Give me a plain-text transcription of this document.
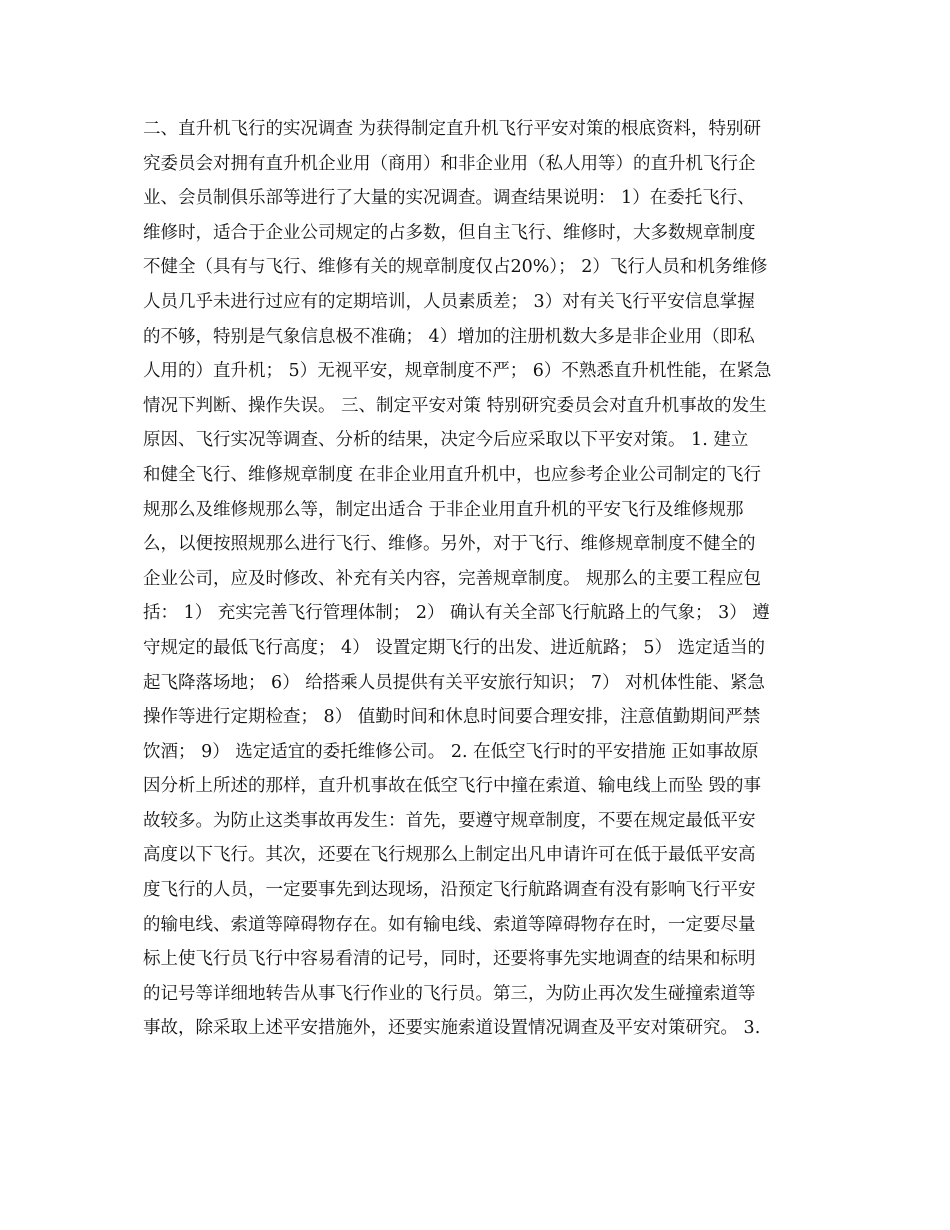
二、直升机飞行的实况调查 为获得制定直升机飞行平安对策的根底资料，特别研
究委员会对拥有直升机企业用（商用）和非企业用（私人用等）的直升机飞行企
业、会员制俱乐部等进行了大量的实况调查。调查结果说明： 1）在委托飞行、
维修时，适合于企业公司规定的占多数，但自主飞行、维修时，大多数规章制度
不健全（具有与飞行、维修有关的规章制度仅占20%）； 2）飞行人员和机务维修
人员几乎未进行过应有的定期培训，人员素质差； 3）对有关飞行平安信息掌握
的不够，特别是气象信息极不准确； 4）增加的注册机数大多是非企业用（即私
人用的）直升机； 5）无视平安，规章制度不严； 6）不熟悉直升机性能，在紧急
情况下判断、操作失误。 三、制定平安对策 特别研究委员会对直升机事故的发生
原因、飞行实况等调查、分析的结果，决定今后应采取以下平安对策。 1. 建立
和健全飞行、维修规章制度 在非企业用直升机中，也应参考企业公司制定的飞行
规那么及维修规那么等，制定出适合 于非企业用直升机的平安飞行及维修规那
么，以便按照规那么进行飞行、维修。另外，对于飞行、维修规章制度不健全的
企业公司，应及时修改、补充有关内容，完善规章制度。 规那么的主要工程应包
括： 1） 充实完善飞行管理体制； 2） 确认有关全部飞行航路上的气象； 3） 遵
守规定的最低飞行高度； 4） 设置定期飞行的出发、进近航路； 5） 选定适当的
起飞降落场地； 6） 给搭乘人员提供有关平安旅行知识； 7） 对机体性能、紧急
操作等进行定期检查； 8） 值勤时间和休息时间要合理安排，注意值勤期间严禁
饮酒； 9） 选定适宜的委托维修公司。 2. 在低空飞行时的平安措施 正如事故原
因分析上所述的那样，直升机事故在低空飞行中撞在索道、输电线上而坠 毁的事
故较多。为防止这类事故再发生：首先，要遵守规章制度，不要在规定最低平安
高度以下飞行。其次，还要在飞行规那么上制定出凡申请许可在低于最低平安高
度飞行的人员，一定要事先到达现场，沿预定飞行航路调查有没有影响飞行平安
的输电线、索道等障碍物存在。如有输电线、索道等障碍物存在时，一定要尽量
标上使飞行员飞行中容易看清的记号，同时，还要将事先实地调查的结果和标明
的记号等详细地转告从事飞行作业的飞行员。第三，为防止再次发生碰撞索道等
事故，除采取上述平安措施外，还要实施索道设置情况调查及平安对策研究。 3.
